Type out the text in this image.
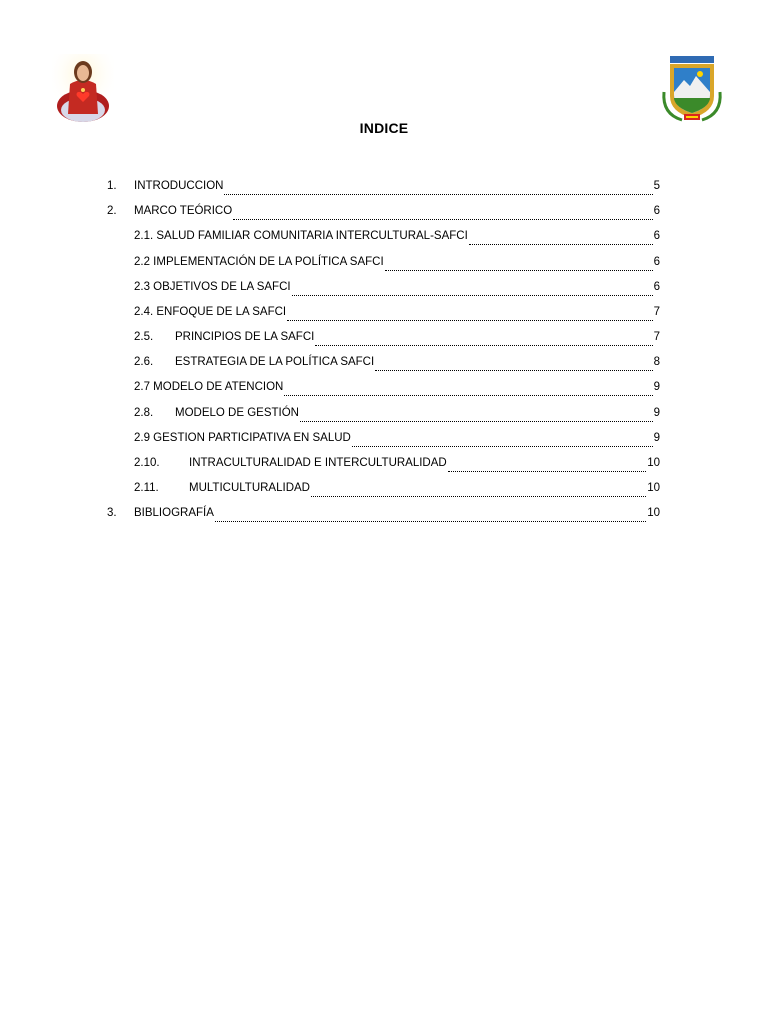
INDICE
1.	INTRODUCCION	5
2.	MARCO TEÓRICO	6
2.1. SALUD FAMILIAR COMUNITARIA INTERCULTURAL-SAFCI	6
2.2 IMPLEMENTACIÓN DE LA POLÍTICA SAFCI	6
2.3 OBJETIVOS DE LA SAFCI	6
2.4. ENFOQUE DE LA SAFCI	7
2.5.	PRINCIPIOS DE LA SAFCI	7
2.6.	ESTRATEGIA DE LA POLÍTICA SAFCI	8
2.7 MODELO DE ATENCION	9
2.8.	MODELO DE GESTIÓN	9
2.9 GESTION PARTICIPATIVA EN SALUD	9
2.10.	INTRACULTURALIDAD E INTERCULTURALIDAD	10
2.11.	MULTICULTURALIDAD	10
3.	BIBLIOGRAFÍA	10
